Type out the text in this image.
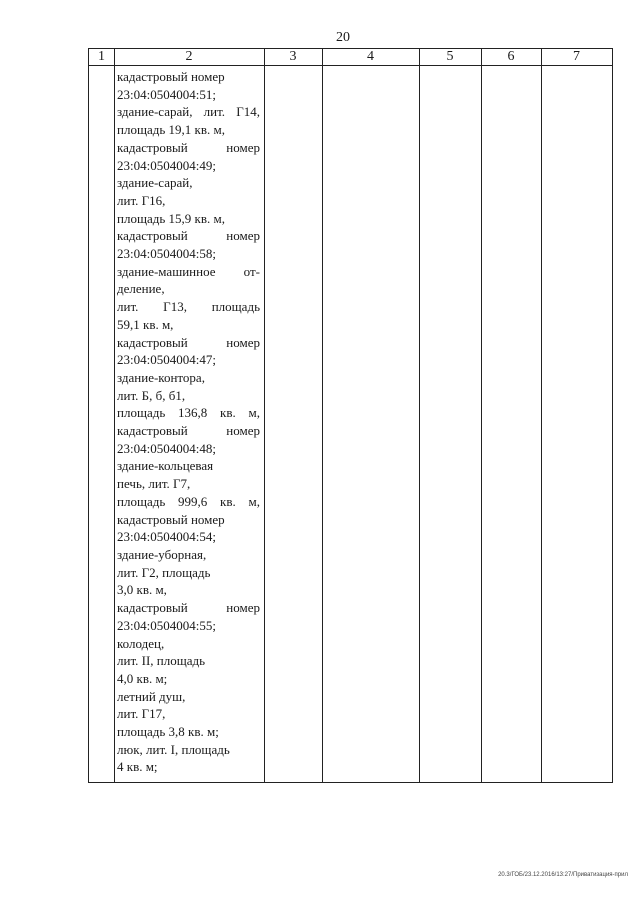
20
1	2	3	4	5	6	7
кадастровый номер
23:04:0504004:51;
здание-сарай, лит. Г14,
площадь 19,1 кв. м,
кадастровый номер
23:04:0504004:49;
здание-сарай,
лит. Г16,
площадь 15,9 кв. м,
кадастровый номер
23:04:0504004:58;
здание-машинное от-
деление,
лит. Г13, площадь
59,1 кв. м,
кадастровый номер
23:04:0504004:47;
здание-контора,
лит. Б, б, б1,
площадь 136,8 кв. м,
кадастровый номер
23:04:0504004:48;
здание-кольцевая
печь, лит. Г7,
площадь 999,6 кв. м,
кадастровый номер
23:04:0504004:54;
здание-уборная,
лит. Г2, площадь
3,0 кв. м,
кадастровый номер
23:04:0504004:55;
колодец,
лит. II, площадь
4,0 кв. м;
летний душ,
лит. Г17,
площадь 3,8 кв. м;
люк, лит. I, площадь
4 кв. м;
20.3/ГОБ/23.12.2016/13:27/Приватизация-прил
